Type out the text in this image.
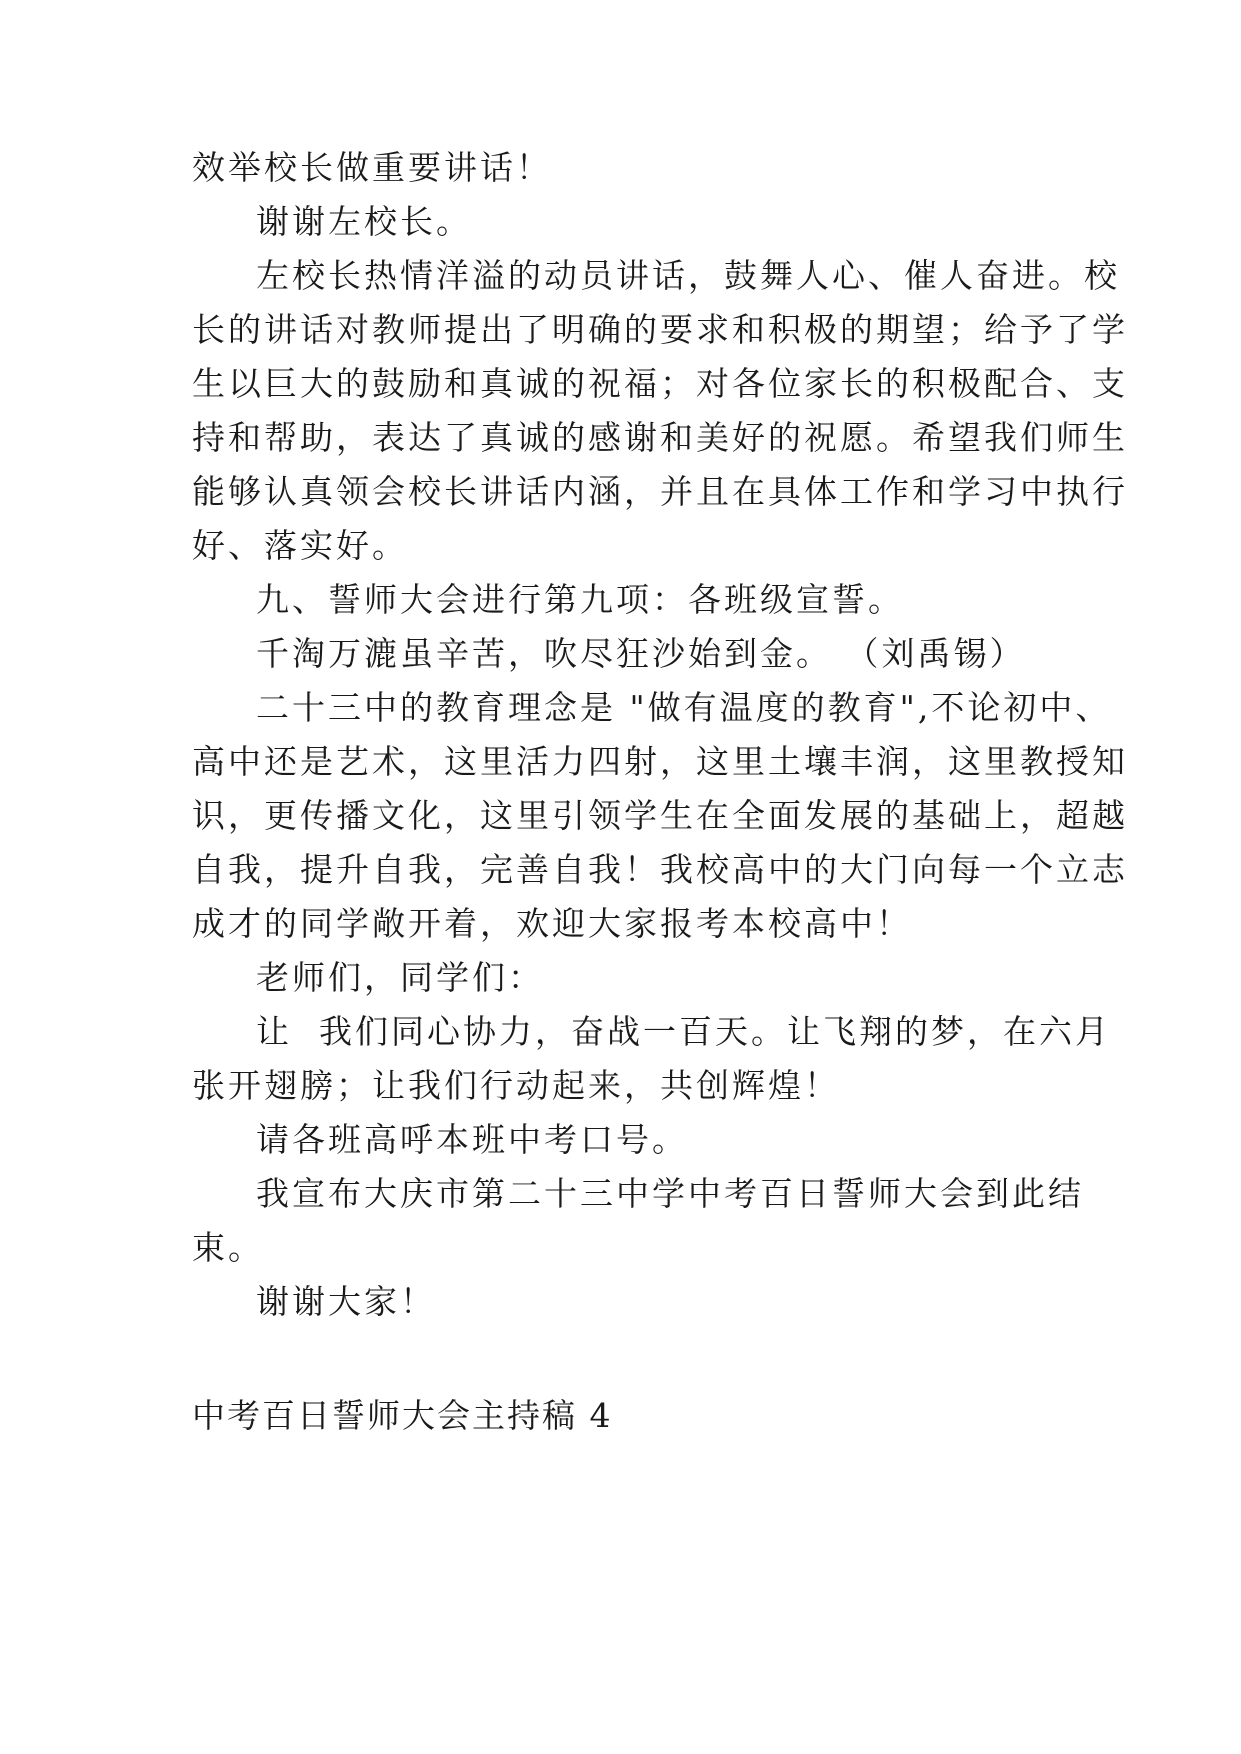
效举校长做重要讲话！
谢谢左校长。
左校长热情洋溢的动员讲话，鼓舞人心、催人奋进。校
长的讲话对教师提出了明确的要求和积极的期望；给予了学
生以巨大的鼓励和真诚的祝福；对各位家长的积极配合、支
持和帮助，表达了真诚的感谢和美好的祝愿。希望我们师生
能够认真领会校长讲话内涵，并且在具体工作和学习中执行
好、落实好。
九、誓师大会进行第九项：各班级宣誓。
千淘万漉虽辛苦，吹尽狂沙始到金。 （刘禹锡）
二十三中的教育理念是 "做有温度的教育",不论初中、
高中还是艺术，这里活力四射，这里土壤丰润，这里教授知
识，更传播文化，这里引领学生在全面发展的基础上，超越
自我，提升自我，完善自我！我校高中的大门向每一个立志
成才的同学敞开着，欢迎大家报考本校高中！
老师们，同学们：
让  我们同心协力，奋战一百天。让飞翔的梦，在六月
张开翅膀；让我们行动起来，共创辉煌！
请各班高呼本班中考口号。
我宣布大庆市第二十三中学中考百日誓师大会到此结
束。
谢谢大家！
中考百日誓师大会主持稿 4
